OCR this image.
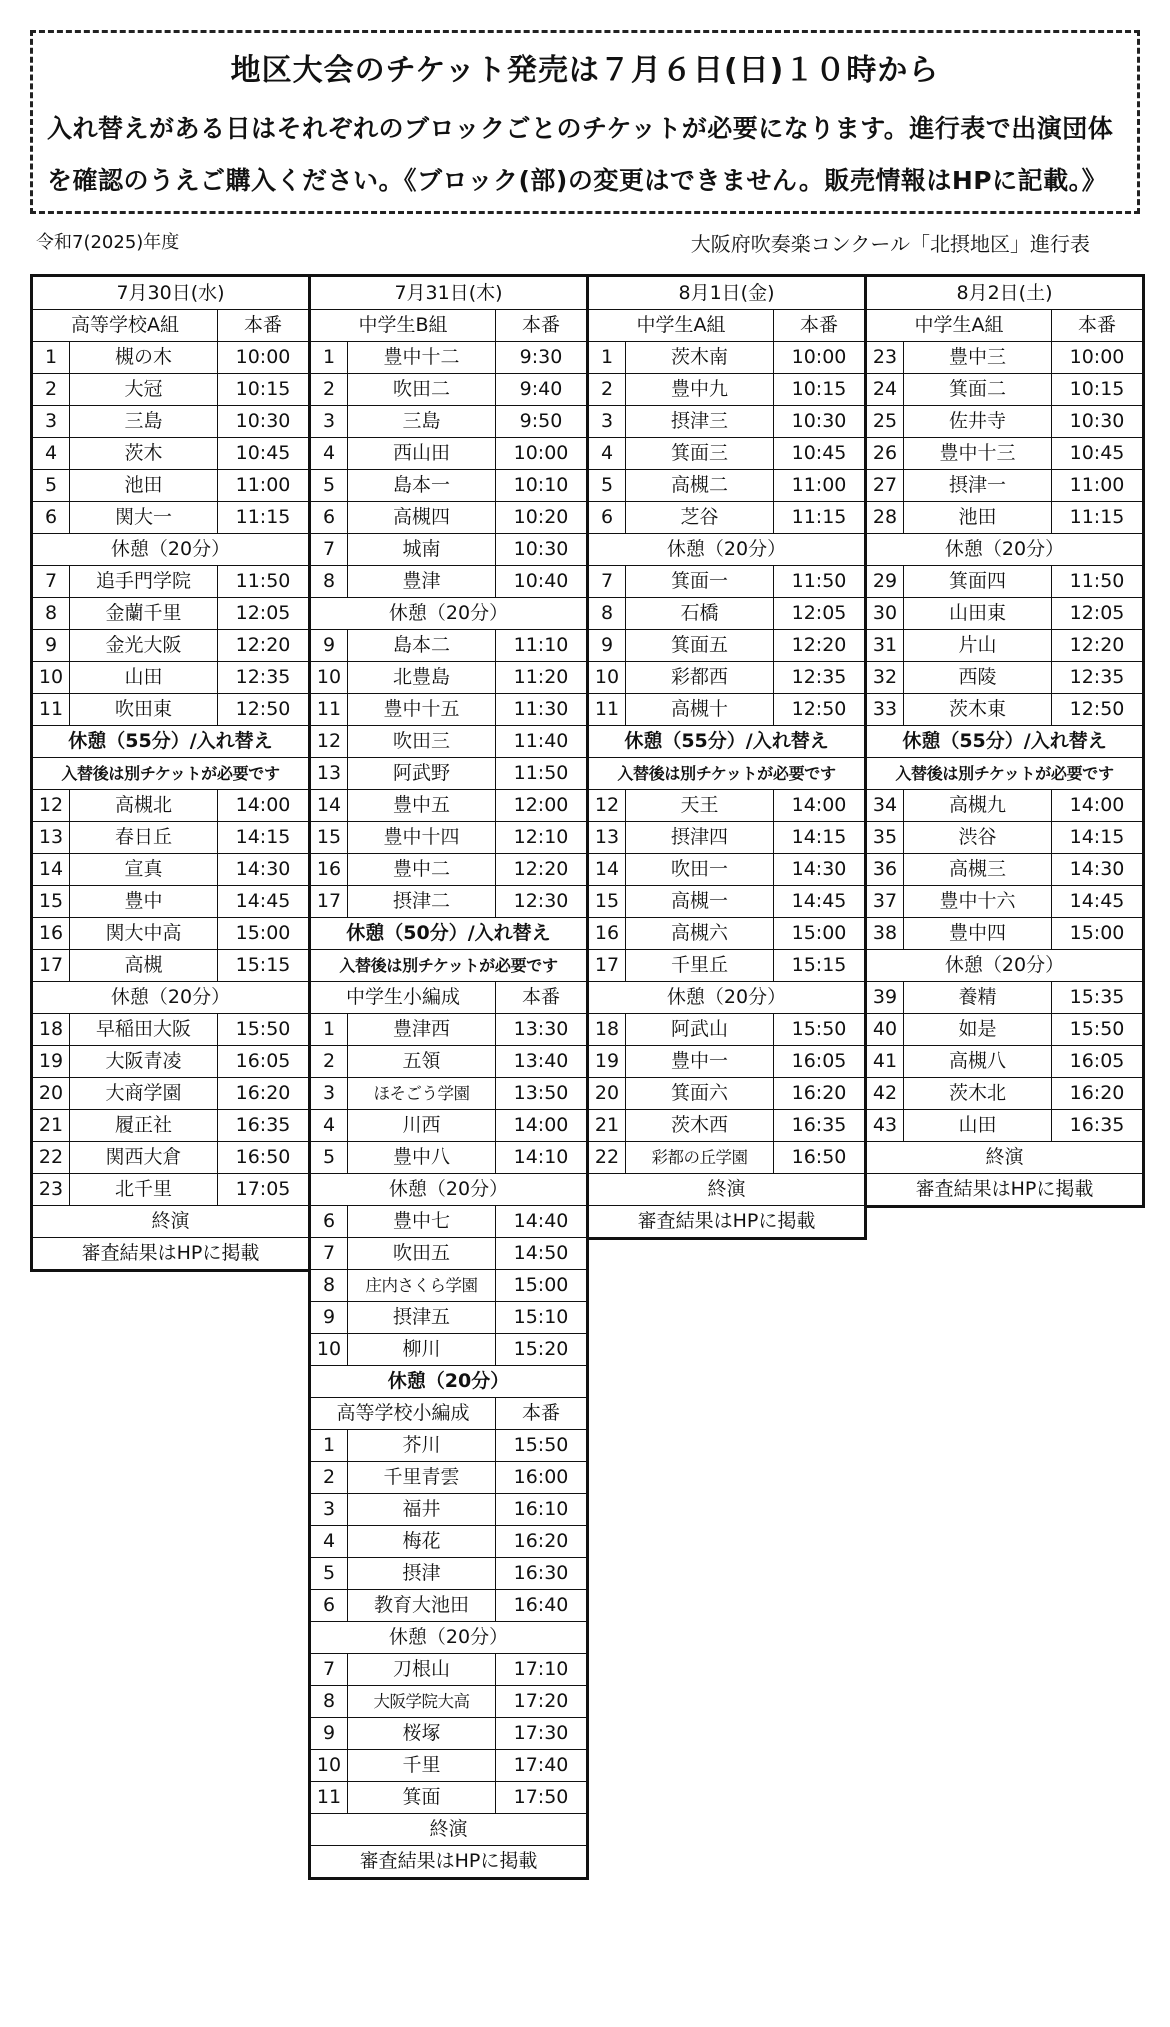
地区大会のチケット発売は７月６日(日)１０時から
入れ替えがある日はそれぞれのブロックごとのチケットが必要になります。進行表で出演団体
を確認のうえご購入ください。《ブロック(部)の変更はできません。販売情報はHPに記載。》
令和7(2025)年度	大阪府吹奏楽コンクール「北摂地区」進行表
7月30日(水)		
高等学校A組		本番
1	槻の木	10:00
2	大冠	10:15
3	三島	10:30
4	茨木	10:45
5	池田	11:00
6	関大一	11:15
休憩（20分）		
7	追手門学院	11:50
8	金蘭千里	12:05
9	金光大阪	12:20
10	山田	12:35
11	吹田東	12:50
休憩（55分）/入れ替え		
入替後は別チケットが必要です		
12	高槻北	14:00
13	春日丘	14:15
14	宣真	14:30
15	豊中	14:45
16	関大中高	15:00
17	高槻	15:15
休憩（20分）		
18	早稲田大阪	15:50
19	大阪青凌	16:05
20	大商学園	16:20
21	履正社	16:35
22	関西大倉	16:50
23	北千里	17:05
終演		
審査結果はHPに掲載		
7月31日(木)		
中学生B組		本番
1	豊中十二	9:30
2	吹田二	9:40
3	三島	9:50
4	西山田	10:00
5	島本一	10:10
6	高槻四	10:20
7	城南	10:30
8	豊津	10:40
休憩（20分）		
9	島本二	11:10
10	北豊島	11:20
11	豊中十五	11:30
12	吹田三	11:40
13	阿武野	11:50
14	豊中五	12:00
15	豊中十四	12:10
16	豊中二	12:20
17	摂津二	12:30
休憩（50分）/入れ替え		
入替後は別チケットが必要です		
中学生小編成		本番
1	豊津西	13:30
2	五領	13:40
3	ほそごう学園	13:50
4	川西	14:00
5	豊中八	14:10
休憩（20分）		
6	豊中七	14:40
7	吹田五	14:50
8	庄内さくら学園	15:00
9	摂津五	15:10
10	柳川	15:20
休憩（20分）		
高等学校小編成		本番
1	芥川	15:50
2	千里青雲	16:00
3	福井	16:10
4	梅花	16:20
5	摂津	16:30
6	教育大池田	16:40
休憩（20分）		
7	刀根山	17:10
8	大阪学院大高	17:20
9	桜塚	17:30
10	千里	17:40
11	箕面	17:50
終演		
審査結果はHPに掲載		
8月1日(金)		
中学生A組		本番
1	茨木南	10:00
2	豊中九	10:15
3	摂津三	10:30
4	箕面三	10:45
5	高槻二	11:00
6	芝谷	11:15
休憩（20分）		
7	箕面一	11:50
8	石橋	12:05
9	箕面五	12:20
10	彩都西	12:35
11	高槻十	12:50
休憩（55分）/入れ替え		
入替後は別チケットが必要です		
12	天王	14:00
13	摂津四	14:15
14	吹田一	14:30
15	高槻一	14:45
16	高槻六	15:00
17	千里丘	15:15
休憩（20分）		
18	阿武山	15:50
19	豊中一	16:05
20	箕面六	16:20
21	茨木西	16:35
22	彩都の丘学園	16:50
終演		
審査結果はHPに掲載		
8月2日(土)		
中学生A組		本番
23	豊中三	10:00
24	箕面二	10:15
25	佐井寺	10:30
26	豊中十三	10:45
27	摂津一	11:00
28	池田	11:15
休憩（20分）		
29	箕面四	11:50
30	山田東	12:05
31	片山	12:20
32	西陵	12:35
33	茨木東	12:50
休憩（55分）/入れ替え		
入替後は別チケットが必要です		
34	高槻九	14:00
35	渋谷	14:15
36	高槻三	14:30
37	豊中十六	14:45
38	豊中四	15:00
休憩（20分）		
39	養精	15:35
40	如是	15:50
41	高槻八	16:05
42	茨木北	16:20
43	山田	16:35
終演		
審査結果はHPに掲載		
